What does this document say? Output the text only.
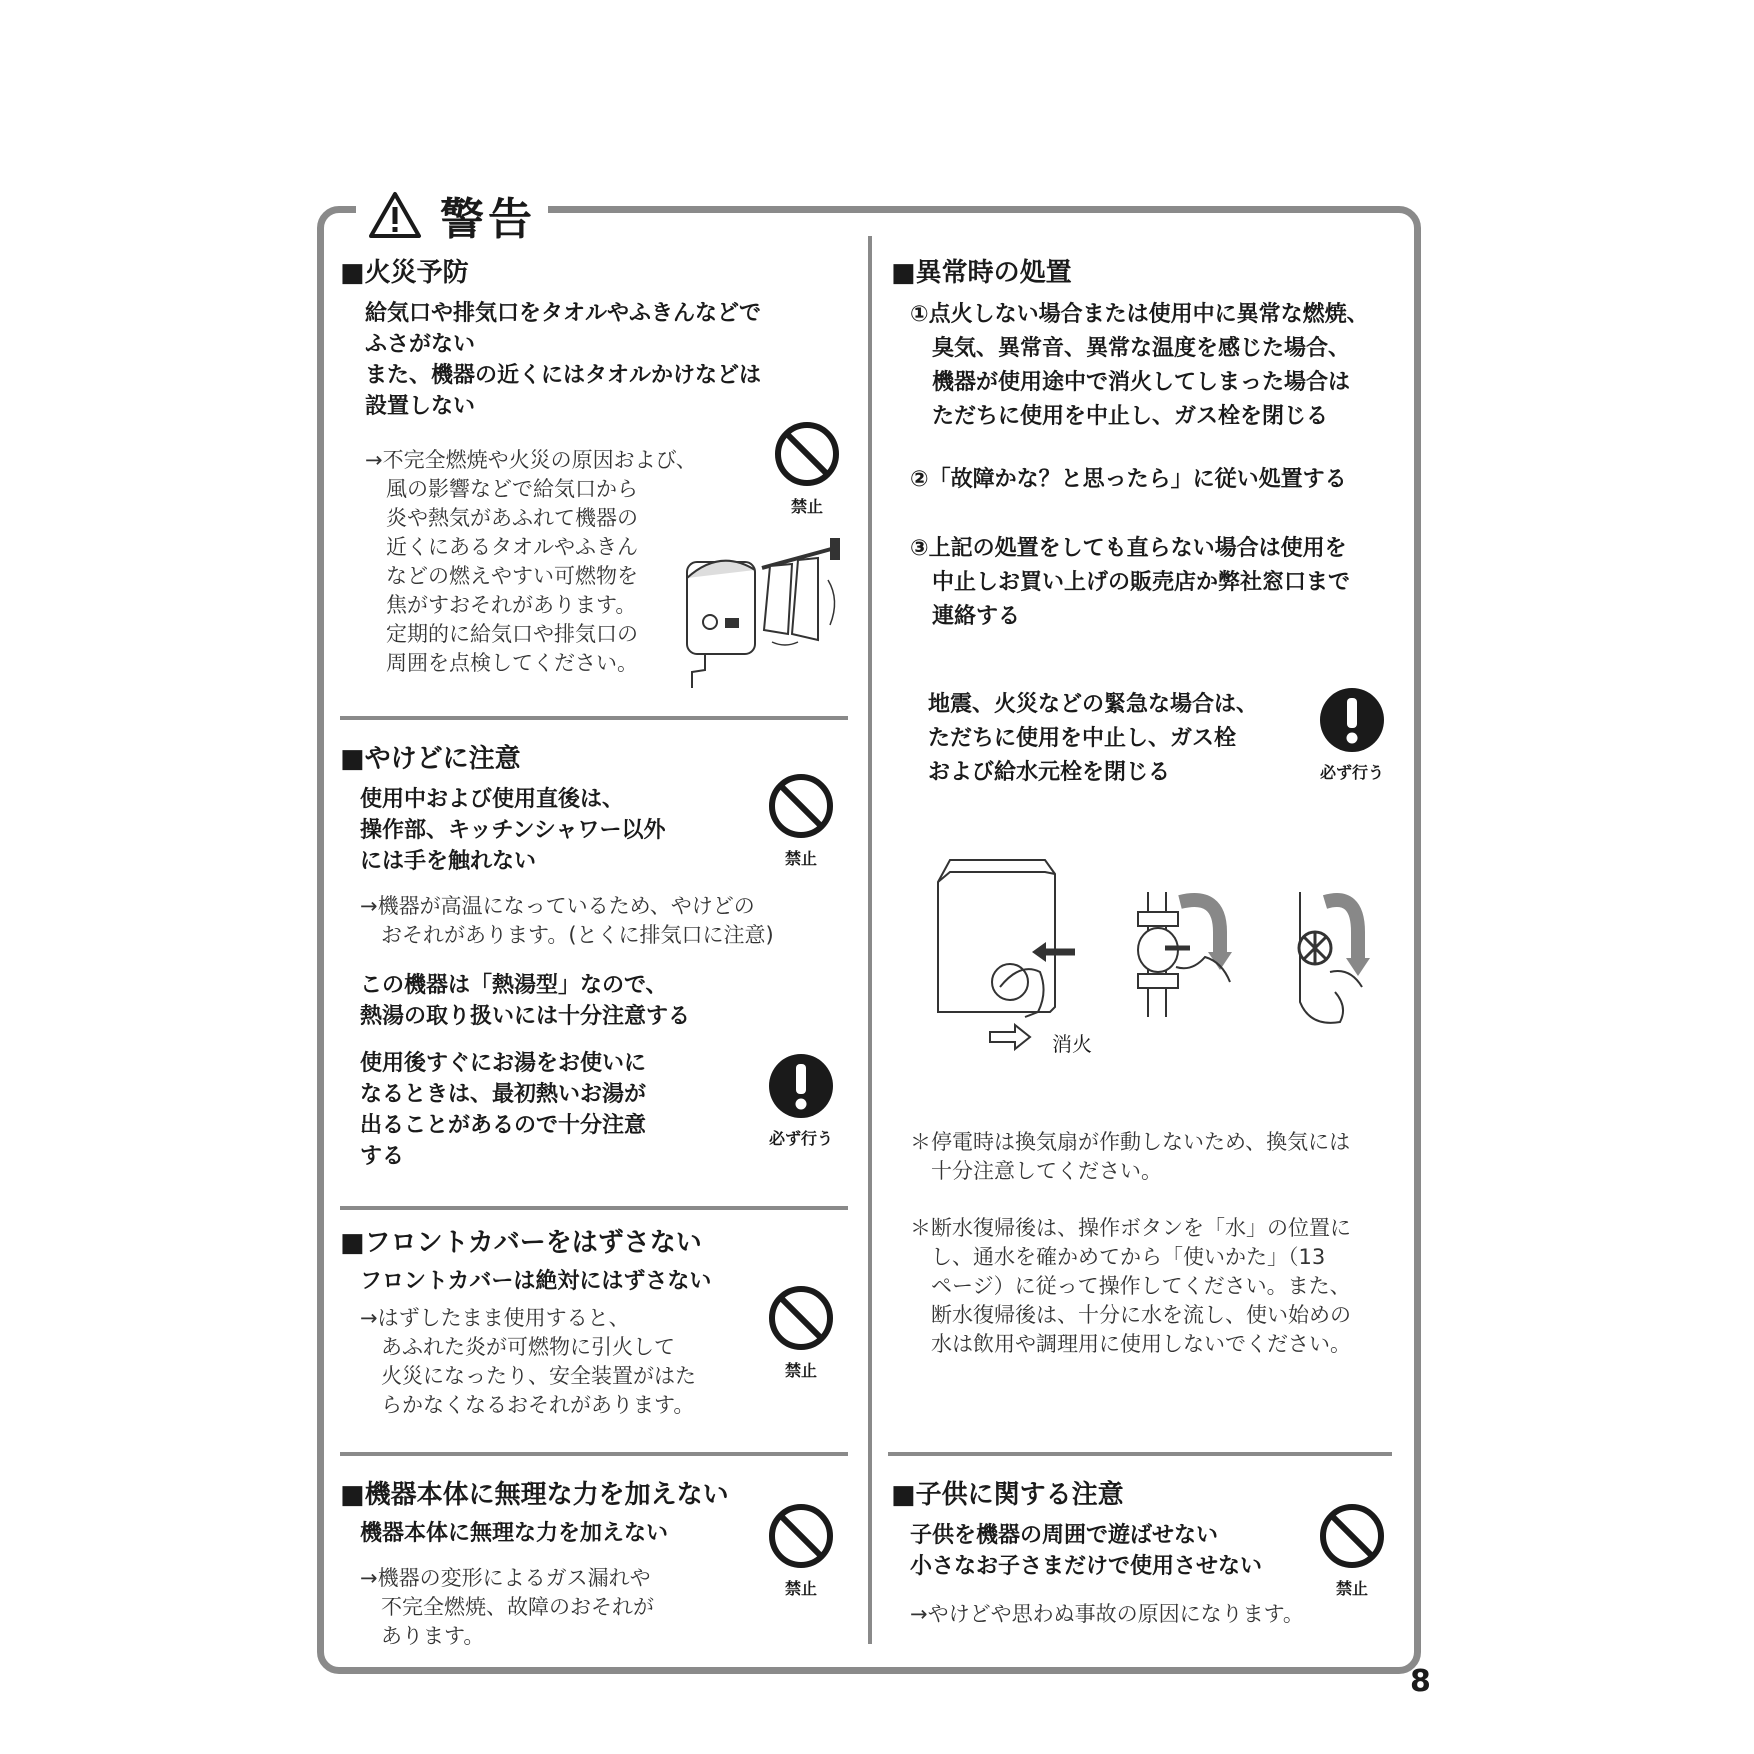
警告
■火災予防
給気口や排気口をタオルやふきんなどで
ふさがない
また、機器の近くにはタオルかけなどは
設置しない
→不完全燃焼や火災の原因および、
　風の影響などで給気口から
　炎や熱気があふれて機器の
　近くにあるタオルやふきん
　などの燃えやすい可燃物を
　焦がすおそれがあります。
　定期的に給気口や排気口の
　周囲を点検してください。
禁止
■やけどに注意
使用中および使用直後は、
操作部、キッチンシャワー以外
には手を触れない	禁止
→機器が高温になっているため、やけどの
　おそれがあります。(とくに排気口に注意)
この機器は「熱湯型」なので、
熱湯の取り扱いには十分注意する
使用後すぐにお湯をお使いに
なるときは、最初熱いお湯が
出ることがあるので十分注意
する
必ず行う
■フロントカバーをはずさない
フロントカバーは絶対にはずさない
→はずしたまま使用すると、
　あふれた炎が可燃物に引火して
　火災になったり、安全装置がはた
　らかなくなるおそれがあります。
禁止
■機器本体に無理な力を加えない
機器本体に無理な力を加えない
→機器の変形によるガス漏れや
　不完全燃焼、故障のおそれが
　あります。
禁止
■異常時の処置
①点火しない場合または使用中に異常な燃焼、
　臭気、異常音、異常な温度を感じた場合、
　機器が使用途中で消火してしまった場合は
　ただちに使用を中止し、ガス栓を閉じる
②「故障かな？と思ったら」に従い処置する
③上記の処置をしても直らない場合は使用を
　中止しお買い上げの販売店か弊社窓口まで
　連絡する
地震、火災などの緊急な場合は、
ただちに使用を中止し、ガス栓
および給水元栓を閉じる	必ず行う
消火
＊停電時は換気扇が作動しないため、換気には
　十分注意してください。
＊断水復帰後は、操作ボタンを「水」の位置に
　し、通水を確かめてから「使いかた」（13
　ページ）に従って操作してください。また、
　断水復帰後は、十分に水を流し、使い始めの
　水は飲用や調理用に使用しないでください。
■子供に関する注意
子供を機器の周囲で遊ばせない
小さなお子さまだけで使用させない
→やけどや思わぬ事故の原因になります。
禁止
8
